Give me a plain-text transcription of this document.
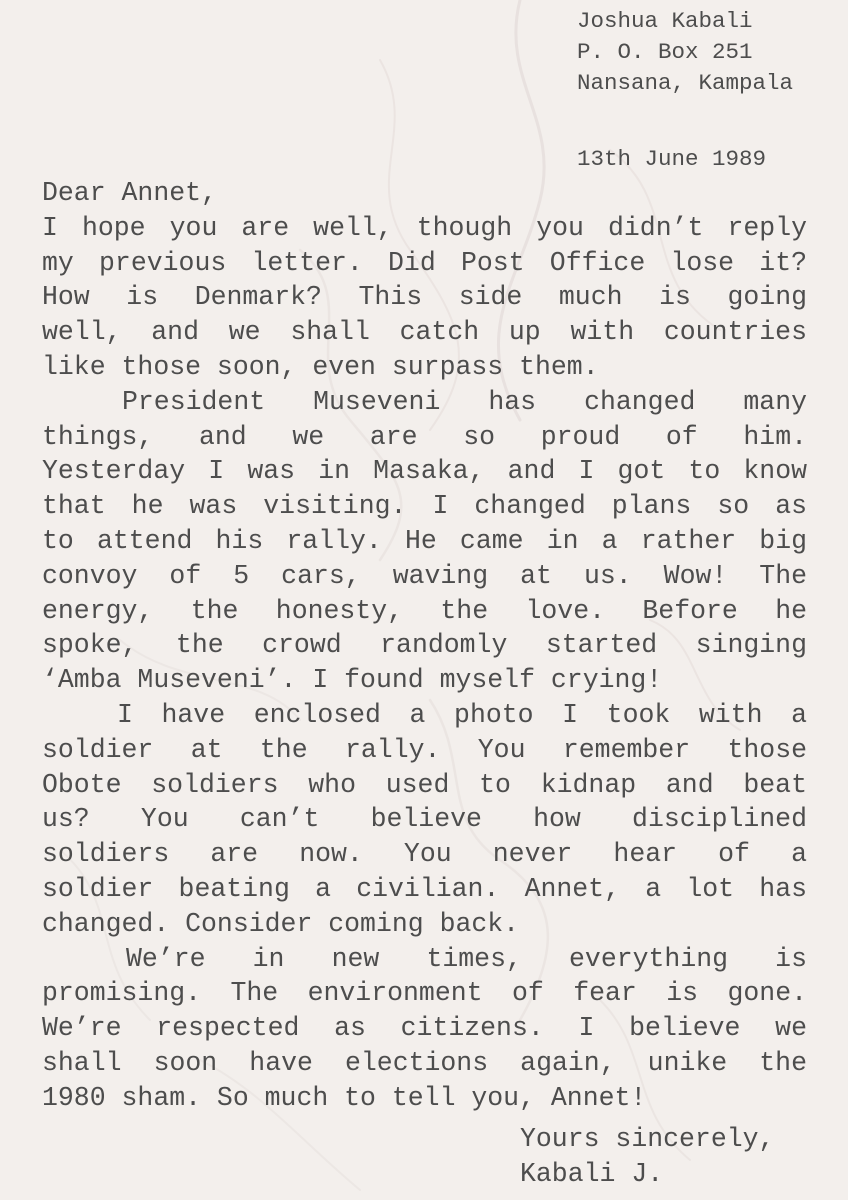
Joshua Kabali
P. O. Box 251
Nansana, Kampala
13th June 1989
Dear Annet,
I hope you are well, though you didn’t reply
my previous letter. Did Post Office lose it?
How is Denmark? This side much is going
well, and we shall catch up with countries
like those soon, even surpass them.
President Museveni has changed many
things, and we are so proud of him.
Yesterday I was in Masaka, and I got to know
that he was visiting. I changed plans so as
to attend his rally. He came in a rather big
convoy of 5 cars, waving at us. Wow! The
energy, the honesty, the love. Before he
spoke, the crowd randomly started singing
‘Amba Museveni’. I found myself crying!
I have enclosed a photo I took with a
soldier at the rally. You remember those
Obote soldiers who used to kidnap and beat
us? You can’t believe how disciplined
soldiers are now. You never hear of a
soldier beating a civilian. Annet, a lot has
changed. Consider coming back.
We’re in new times, everything is
promising. The environment of fear is gone.
We’re respected as citizens. I believe we
shall soon have elections again, unike the
1980 sham. So much to tell you, Annet!
Yours sincerely,
Kabali J.
